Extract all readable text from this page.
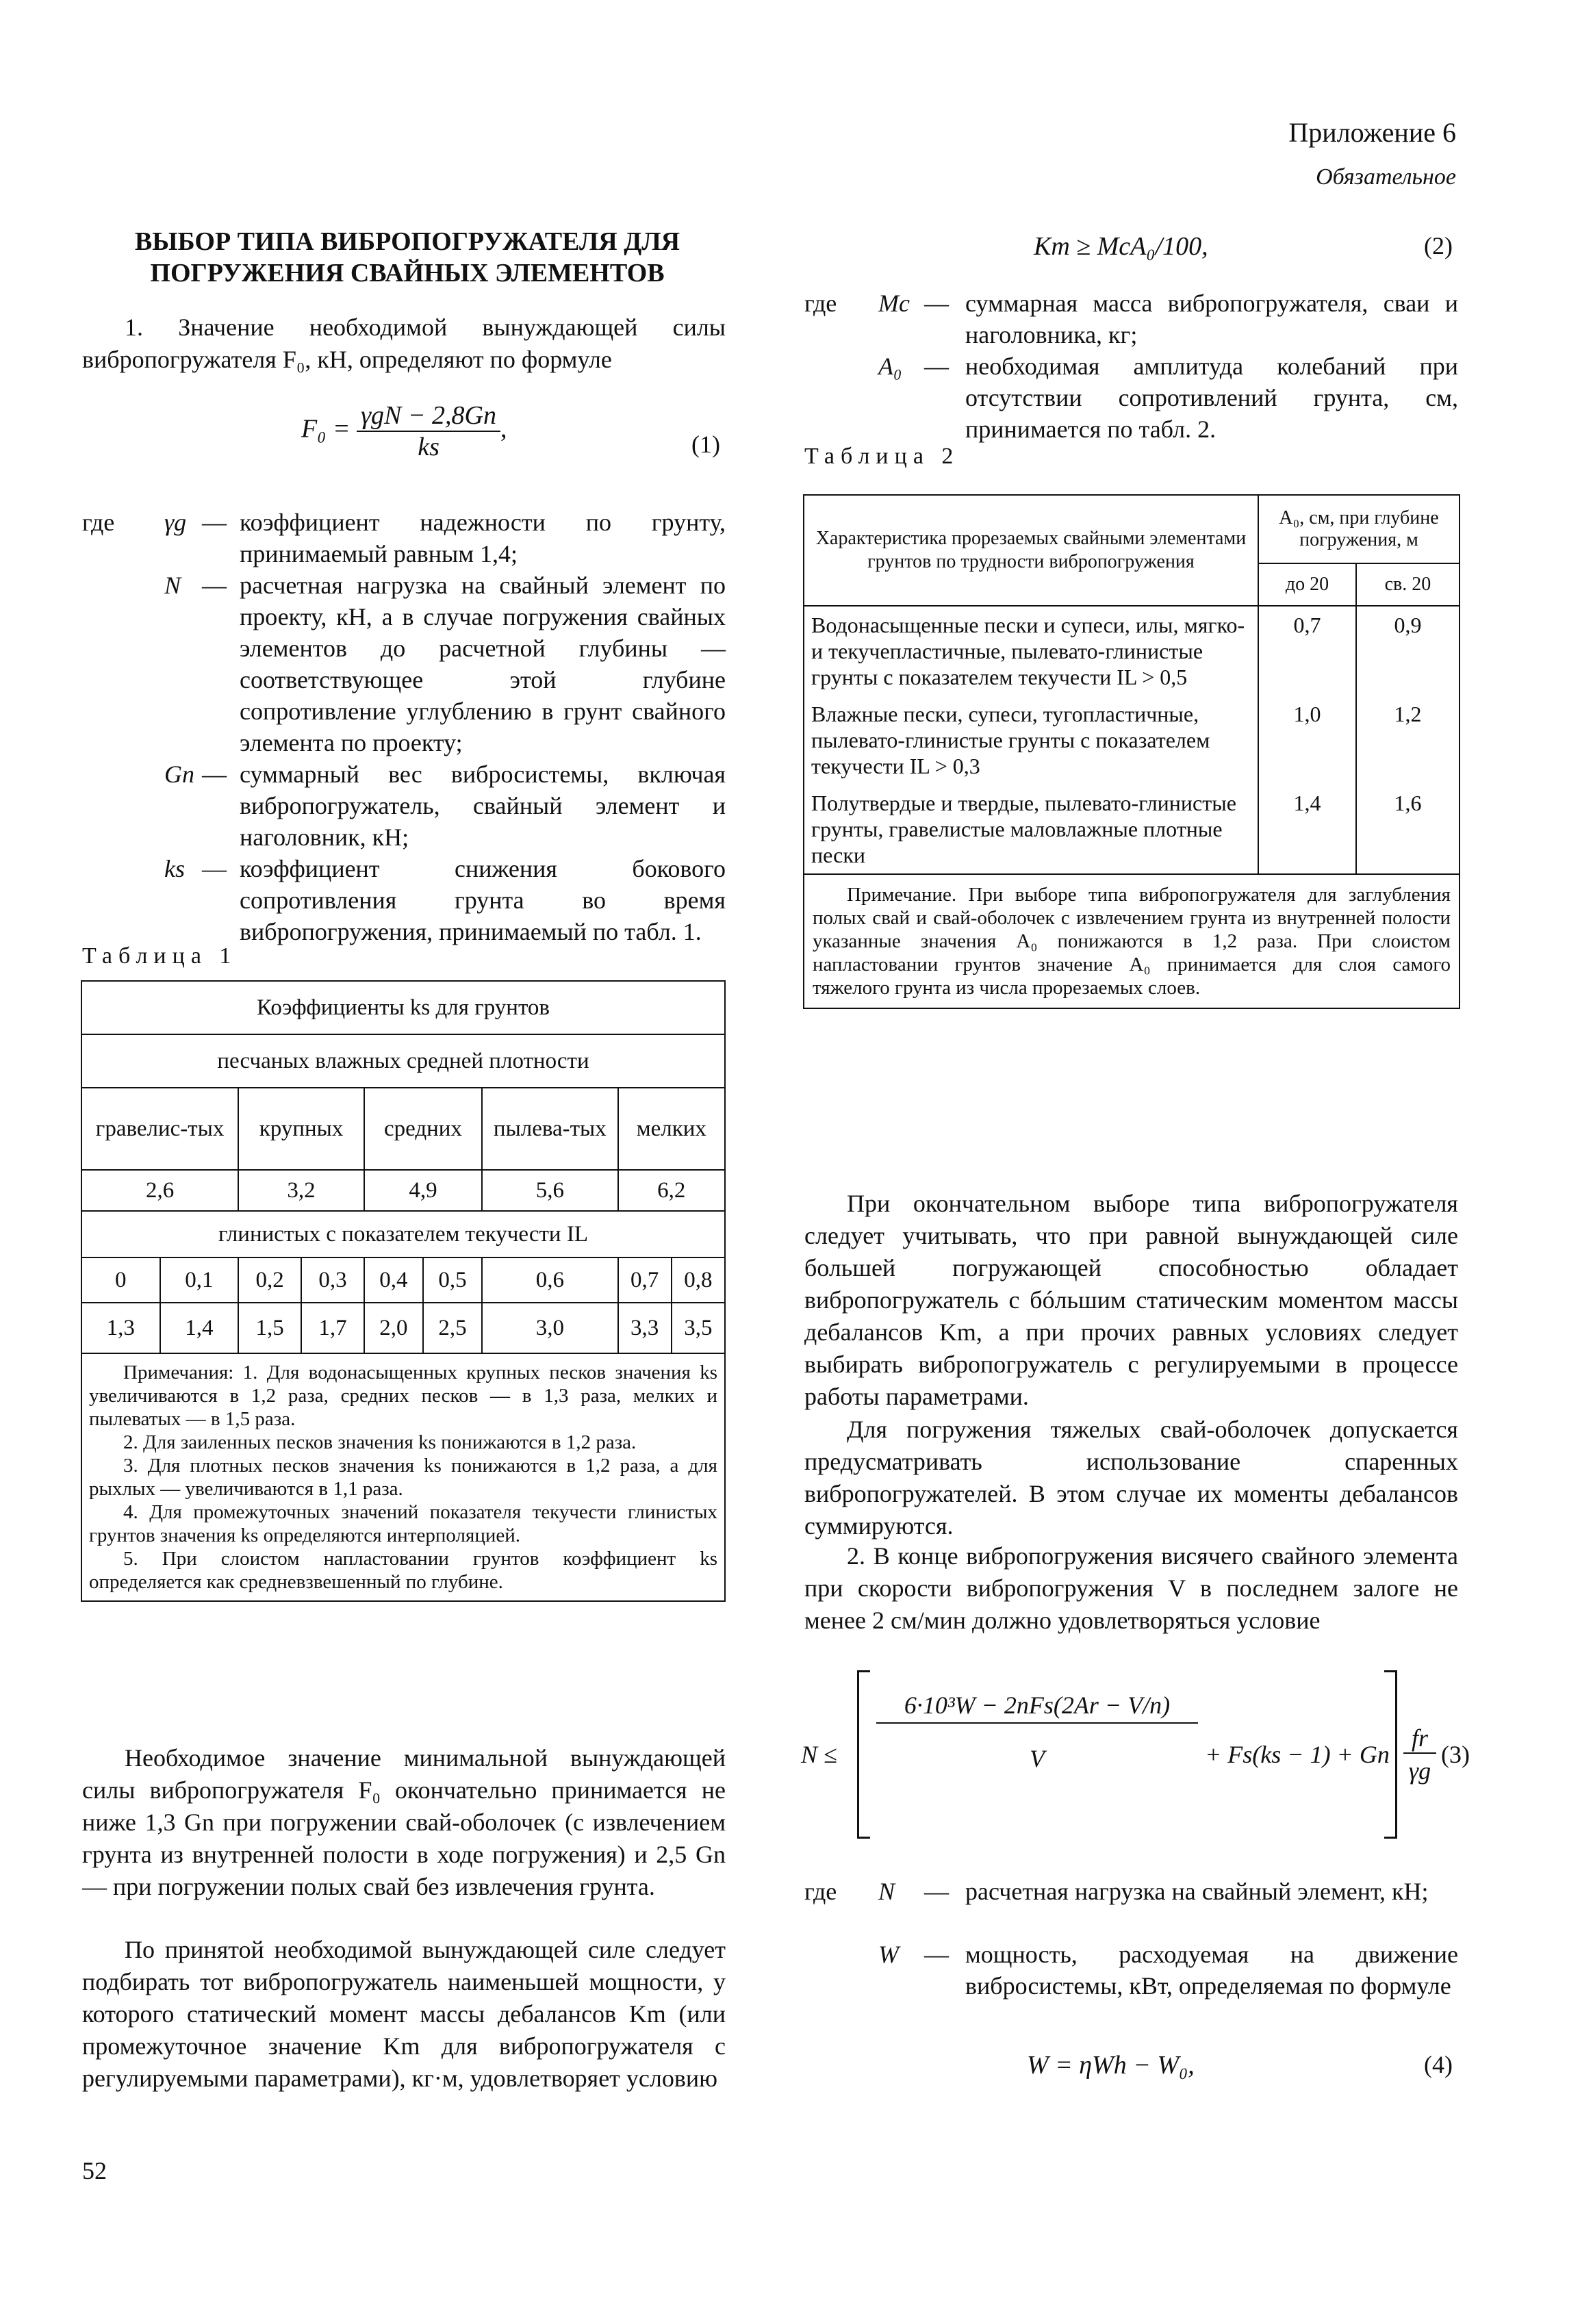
Приложение 6
Обязательное
ВЫБОР ТИПА ВИБРОПОГРУЖАТЕЛЯ ДЛЯ
ПОГРУЖЕНИЯ СВАЙНЫХ ЭЛЕМЕНТОВ

1. Значение необходимой вынуждающей силы вибропогружателя F₀, кН, определяют по формуле

$F_0 = \frac{\text{γgN − 2,8Gn}}{ks}$ ,
(1)
где γg — коэффициент надежности по грунту, принимаемый равным 1,4;
N — расчетная нагрузка на свайный элемент по проекту, кН, а в случае погружения свайных элементов до расчетной глубины — соответствующее этой глубине сопротивление углублению в грунт свайного элемента по проекту;
Gn — суммарный вес вибросистемы, включая вибропогружатель, свайный элемент и наголовник, кН;
ks — коэффициент снижения бокового сопротивления грунта во время вибропогружения, принимаемый по табл. 1.
Таблица 1
Коэффициенты ks для грунтов								
песчаных влажных средней плотности								
гравелис-тых		крупных		средних		пылева-тых	мелких	
2,6		3,2		4,9		5,6	6,2	
глинистых с показателем текучести IL								
0	0,1	0,2	0,3	0,4	0,5	0,6	0,7	0,8
1,3	1,4	1,5	1,7	2,0	2,5	3,0	3,3	3,5

Примечания: 1. Для водонасыщенных крупных песков значения ks увеличиваются в 1,2 раза, средних песков — в 1,3 раза, мелких и пылеватых — в 1,5 раза.

2. Для заиленных песков значения ks понижаются в 1,2 раза.

3. Для плотных песков значения ks понижаются в 1,2 раза, а для рыхлых — увеличиваются в 1,1 раза.

4. Для промежуточных значений показателя текучести глинистых грунтов значения ks определяются интерполяцией.

5. При слоистом напластовании грунтов коэффициент ks определяется как средневзвешенный по глубине.								

Необходимое значение минимальной вынуждающей силы вибропогружателя F₀ окончательно принимается не ниже 1,3 Gn при погружении свай-оболочек (с извлечением грунта из внутренней полости в ходе погружения) и 2,5 Gn — при погружении полых свай без извлечения грунта.

По принятой необходимой вынуждающей силе следует подбирать тот вибропогружатель наименьшей мощности, у которого статический момент массы дебалансов Km (или промежуточное значение Km для вибропогружателя с регулируемыми параметрами), кг·м, удовлетворяет условию

52
Km ≥ McA₀/100,	(2)
где Mc — суммарная масса вибропогружателя, сваи и наголовника, кг;
A₀ — необходимая амплитуда колебаний при отсутствии сопротивлений грунта, см, принимается по табл. 2.
Таблица 2
Характеристика прорезаемых свайными элементами грунтов по трудности вибропогружения	A₀, см, при глубине погружения, м	
	до 20	св. 20
Водонасыщенные пески и супеси, илы, мягко- и текучепластичные, пылевато-глинистые грунты с показателем текучести IL > 0,5	0,7	0,9
Влажные пески, супеси, тугопластичные, пылевато-глинистые грунты с показателем текучести IL > 0,3	1,0	1,2
Полутвердые и твердые, пылевато-глинистые грунты, гравелистые маловлажные плотные пески	1,4	1,6

Примечание. При выборе типа вибропогружателя для заглубления полых свай и свай-оболочек с извлечением грунта из внутренней полости указанные значения A₀ понижаются в 1,2 раза. При слоистом напластовании грунтов значение A₀ принимается для слоя самого тяжелого грунта из числа прорезаемых слоев.		

При окончательном выборе типа вибропогружателя следует учитывать, что при равной вынуждающей силе большей погружающей способностью обладает вибропогружатель с бóльшим статическим моментом массы дебалансов Km, а при прочих равных условиях следует выбирать вибропогружатель с регулируемыми в процессе работы параметрами.

Для погружения тяжелых свай-оболочек допускается предусматривать использование спаренных вибропогружателей. В этом случае их моменты дебалансов суммируются.

2. В конце вибропогружения висячего свайного элемента при скорости вибропогружения V в последнем залоге не менее 2 см/мин должно удовлетворяться условие

N ≤
6·10³W − 2nFs(2Ar − V/n)
V	+ Fs(ks − 1) + Gn
fr
γg
(3)
где N — расчетная нагрузка на свайный элемент, кН;
W — мощность, расходуемая на движение вибросистемы, кВт, определяемая по формуле
W = ηWh − W₀,	(4)
